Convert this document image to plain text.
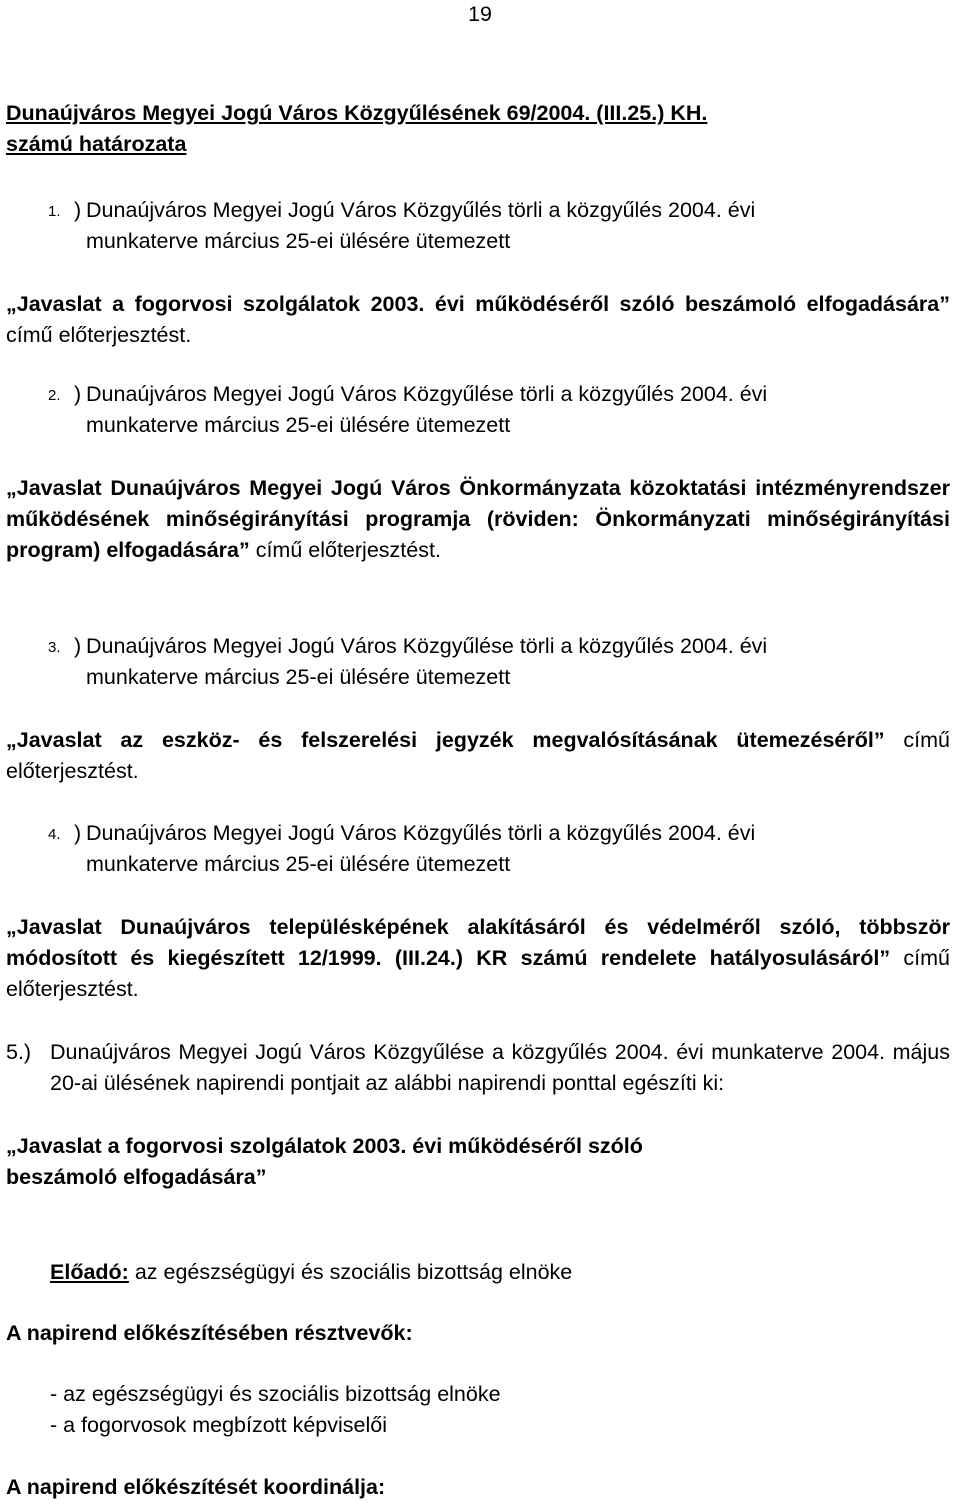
19
Dunaújváros Megyei Jogú Város Közgyűlésének 69/2004. (III.25.) KH.
számú határozata
1. ) Dunaújváros Megyei Jogú Város Közgyűlés törli a közgyűlés 2004. évi
munkaterve március 25-ei ülésére ütemezett
„Javaslat a fogorvosi szolgálatok 2003. évi működéséről szóló beszámoló elfogadására” című előterjesztést.
2. ) Dunaújváros Megyei Jogú Város Közgyűlése törli a közgyűlés 2004. évi
munkaterve március 25-ei ülésére ütemezett
„Javaslat Dunaújváros Megyei Jogú Város Önkormányzata közoktatási intézményrendszer működésének minőségirányítási programja (röviden: Önkormányzati minőségirányítási program) elfogadására” című előterjesztést.
3. ) Dunaújváros Megyei Jogú Város Közgyűlése törli a közgyűlés 2004. évi
munkaterve március 25-ei ülésére ütemezett
„Javaslat az eszköz- és felszerelési jegyzék megvalósításának ütemezéséről” című előterjesztést.
4. ) Dunaújváros Megyei Jogú Város Közgyűlés törli a közgyűlés 2004. évi
munkaterve március 25-ei ülésére ütemezett
„Javaslat Dunaújváros településképének alakításáról és védelméről szóló, többször módosított és kiegészített 12/1999. (III.24.) KR számú rendelete hatályosulásáról” című előterjesztést.
5.) Dunaújváros Megyei Jogú Város Közgyűlése a közgyűlés 2004. évi munkaterve 2004. május 20-ai ülésének napirendi pontjait az alábbi napirendi ponttal egészíti ki:
„Javaslat a fogorvosi szolgálatok 2003. évi működéséről szóló
beszámoló elfogadására”
Előadó: az egészségügyi és szociális bizottság elnöke
A napirend előkészítésében résztvevők:
- az egészségügyi és szociális bizottság elnöke
- a fogorvosok megbízott képviselői
A napirend előkészítését koordinálja:
